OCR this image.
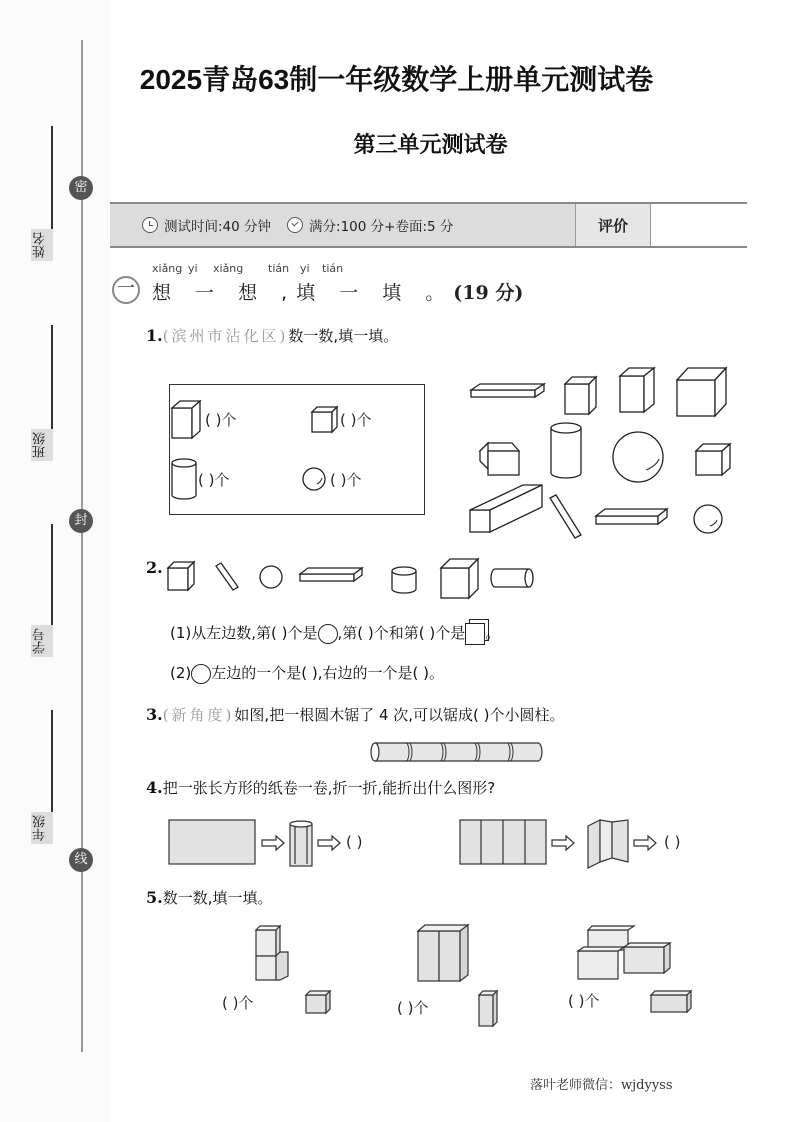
密
封
线
姓名
班级
学号
年级
2025青岛63制一年级数学上册单元测试卷
第三单元测试卷
测试时间:40 分钟	满分:100 分+卷面:5 分	评价
一
xiǎng yi xiǎng tián yi tián
想 一 想 ,填 一 填 。(19 分)
1.(滨州市沾化区)数一数,填一填。
( )个	( )个
( )个	( )个
2.
(1)从左边数,第( )个是 ,第( )个和第( )个是 。
(2) 左边的一个是( ),右边的一个是( )。
3.(新角度)如图,把一根圆木锯了 4 次,可以锯成( )个小圆柱。
4.把一张长方形的纸卷一卷,折一折,能折出什么图形?
( )	( )
5.数一数,填一填。
( )个	( )个	( )个
落叶老师微信：wjdyyss
